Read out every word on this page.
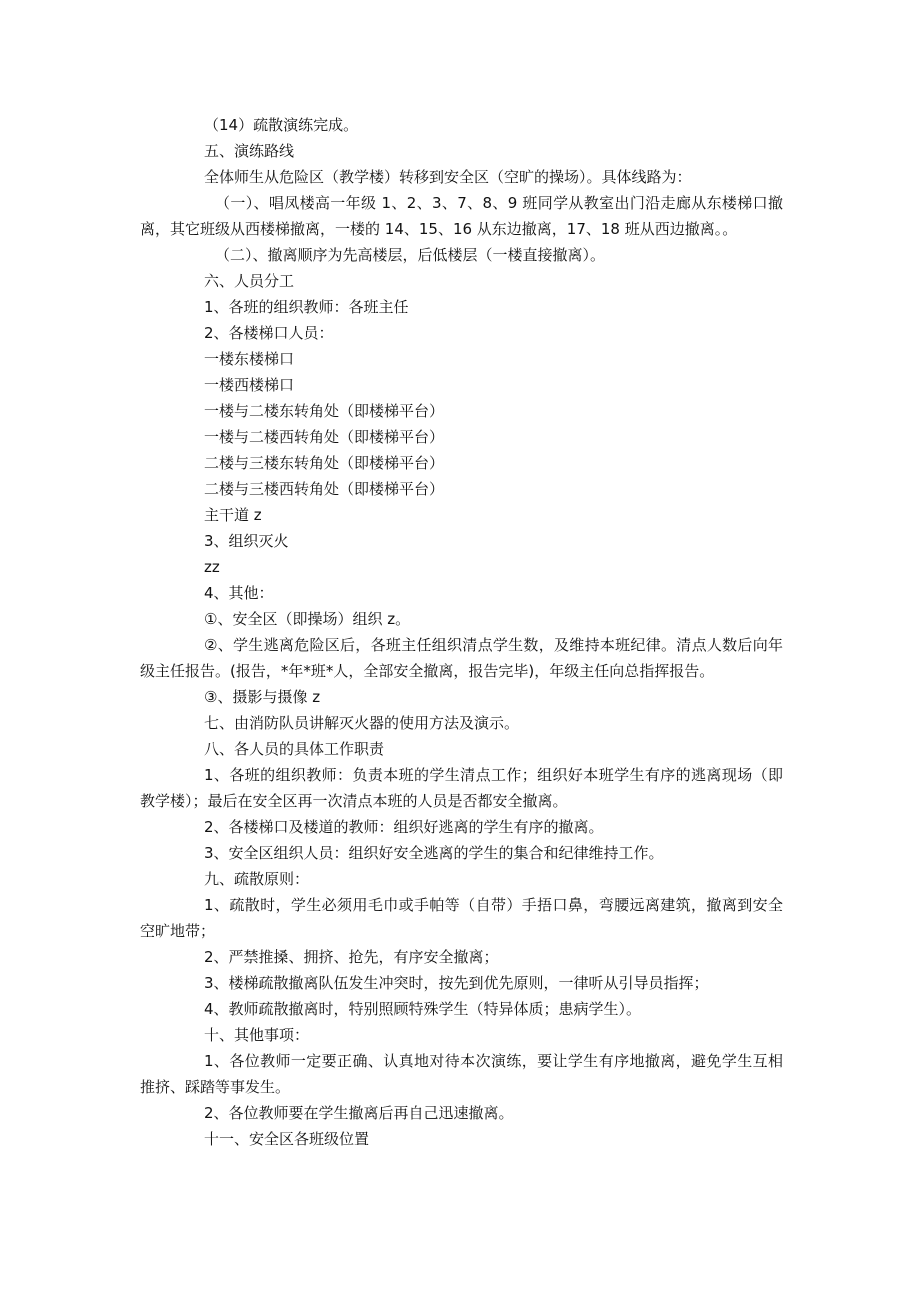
（14）疏散演练完成。

五、演练路线

全体师生从危险区（教学楼）转移到安全区（空旷的操场）。具体线路为：

（一）、唱凤楼高一年级 1、2、3、7、8、9 班同学从教室出门沿走廊从东楼梯口撤离，其它班级从西楼梯撤离，一楼的 14、15、16 从东边撤离，17、18 班从西边撤离。。

（二）、撤离顺序为先高楼层，后低楼层（一楼直接撤离）。

六、人员分工

1、各班的组织教师：各班主任

2、各楼梯口人员：

一楼东楼梯口

一楼西楼梯口

一楼与二楼东转角处（即楼梯平台）

一楼与二楼西转角处（即楼梯平台）

二楼与三楼东转角处（即楼梯平台）

二楼与三楼西转角处（即楼梯平台）

主干道 z

3、组织灭火

zz

4、其他：

①、安全区（即操场）组织 z。

②、学生逃离危险区后，各班主任组织清点学生数，及维持本班纪律。清点人数后向年级主任报告。(报告，*年*班*人，全部安全撤离，报告完毕)，年级主任向总指挥报告。

③、摄影与摄像 z

七、由消防队员讲解灭火器的使用方法及演示。

八、各人员的具体工作职责

1、各班的组织教师：负责本班的学生清点工作；组织好本班学生有序的逃离现场（即教学楼）；最后在安全区再一次清点本班的人员是否都安全撤离。

2、各楼梯口及楼道的教师：组织好逃离的学生有序的撤离。

3、安全区组织人员：组织好安全逃离的学生的集合和纪律维持工作。

九、疏散原则：

1、疏散时，学生必须用毛巾或手帕等（自带）手捂口鼻，弯腰远离建筑，撤离到安全空旷地带；

2、严禁推搡、拥挤、抢先，有序安全撤离；

3、楼梯疏散撤离队伍发生冲突时，按先到优先原则，一律听从引导员指挥；

4、教师疏散撤离时，特别照顾特殊学生（特异体质；患病学生）。

十、其他事项：

1、各位教师一定要正确、认真地对待本次演练，要让学生有序地撤离，避免学生互相推挤、踩踏等事发生。

2、各位教师要在学生撤离后再自己迅速撤离。

十一、安全区各班级位置
